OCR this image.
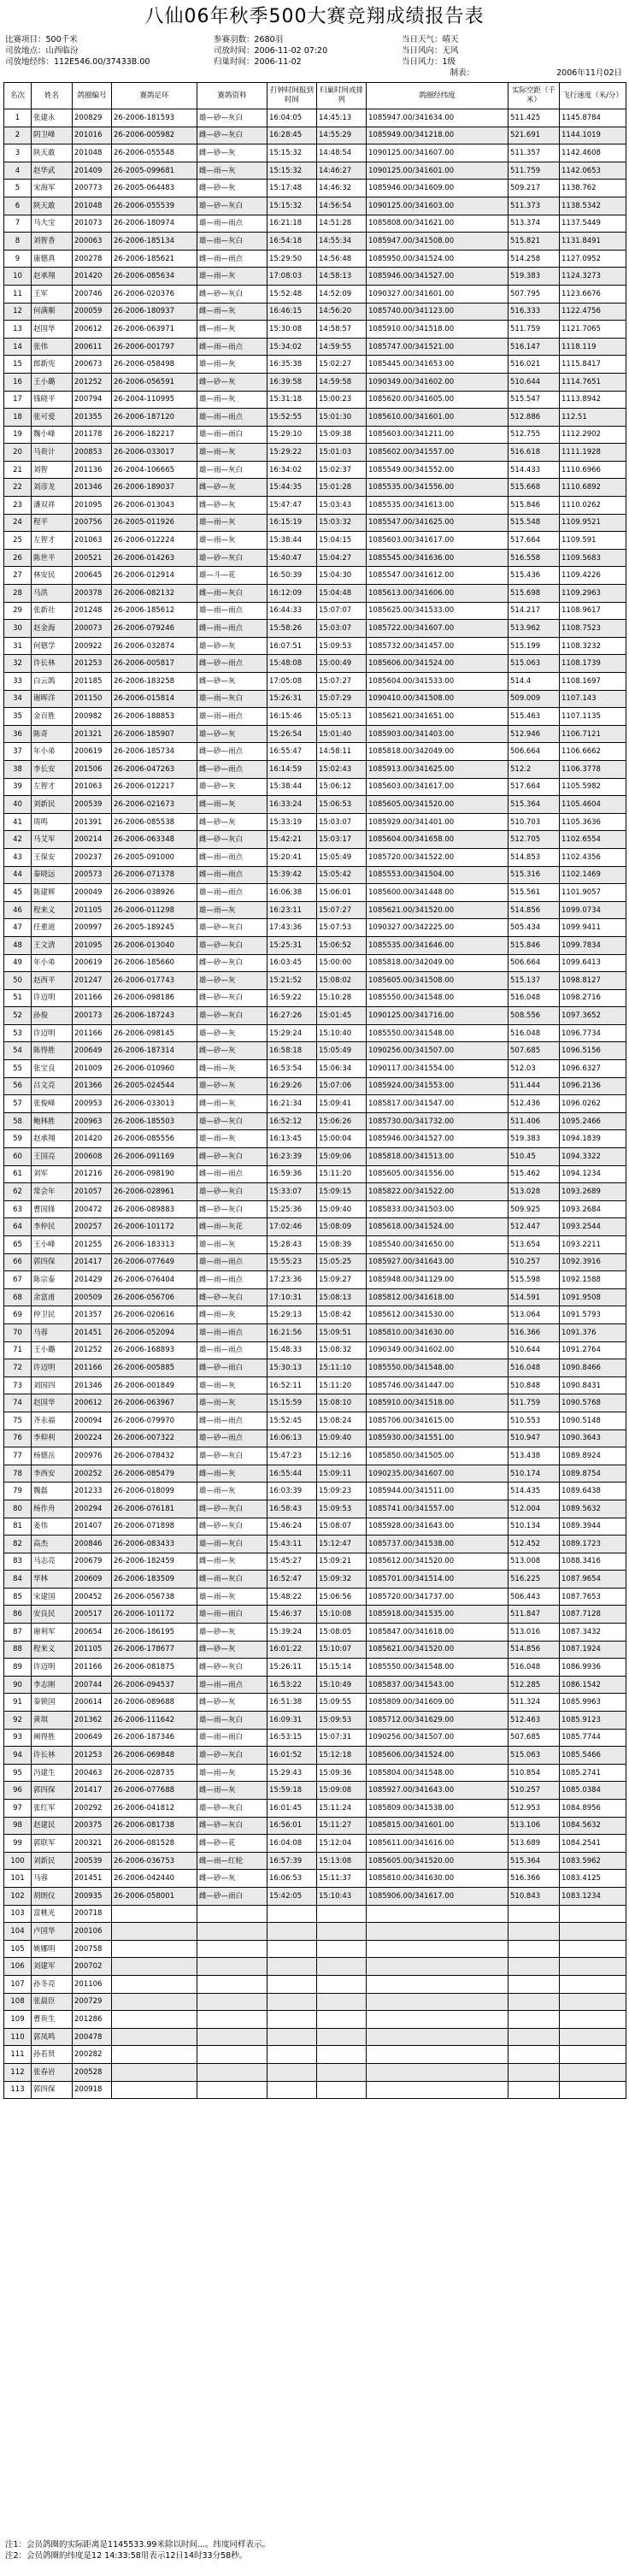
八仙06年秋季500大赛竞翔成绩报告表
比赛项目：500千米
司放地点：山西临汾
司放地经纬：112E546.00/37433B.00
参赛羽数：2680羽
司放时间：2006-11-02 07:20
归巢时间：2006-11-02
当日天气：晴天
当日风向：无风
当日风力：1级
制表：	2006年11月02日
名次	姓名	鸽圈编号	赛鸽足环	赛鸽资料	打钟时间报到时间	归巢时间或排列	鸽圈经纬度	实际空距（千米）	飞行速度（米/分）
1	张建永	200829	26-2006-181593	雄—砂—灰白	16:04:05	14:45:13	1085947.00/341634.00	511.425	1145.8784
2	阴卫峰	201016	26-2006-005982	雌—砂—灰白	16:28:45	14:55:29	1085949.00/341218.00	521.691	1144.1019
3	陕天敢	201048	26-2006-055548	雌—砂—灰	15:15:32	14:48:54	1090125.00/341607.00	511.357	1142.4608
4	赵华武	201409	26-2005-099681	雌—雨—灰	15:15:32	14:46:27	1090125.00/341601.00	511.759	1142.0653
5	宋海军	200773	26-2005-064483	雌—砂—灰	15:17:48	14:46:32	1085946.00/341609.00	509.217	1138.762
6	陕天敢	201048	26-2006-055539	雄—砂—灰白	15:15:32	14:56:54	1090125.00/341603.00	511.373	1138.5342
7	马大宝	201073	26-2006-180974	雄—雨—雨点	16:21:18	14:51:28	1085808.00/341621.00	513.374	1137.5449
8	刘智香	200063	26-2006-185134	雄—雨—灰白	16:54:18	14:55:34	1085947.00/341508.00	515.821	1131.8491
9	康德真	200278	26-2006-185621	雌—雨—雨点	15:29:50	14:56:48	1085950.00/341524.00	514.258	1127.0952
10	赵承翔	201420	26-2006-085634	雄—雨—灰	17:08:03	14:58:13	1085946.00/341527.00	519.383	1124.3273
11	王军	200746	26-2006-020376	雌—砂—灰白	15:52:48	14:52:09	1090327.00/341601.00	507.795	1123.6676
12	何满顺	200059	26-2006-180937	雌—雨—灰	16:46:15	14:56:20	1085740.00/341123.00	516.333	1122.4756
13	赵国华	200612	26-2006-063971	雌—雨—灰	15:30:08	14:58:57	1085910.00/341518.00	511.759	1121.7065
14	张伟	200611	26-2006-001797	雌—雨—雨点	15:34:02	14:59:55	1085747.00/341521.00	516.147	1118.119
15	郎新宪	200673	26-2006-058498	雄—雨—灰	16:35:38	15:02:27	1085445.00/341653.00	516.021	1115.8417
16	王小璐	201252	26-2006-056591	雌—砂—灰	16:39:58	14:59:58	1090349.00/341602.00	510.644	1114.7651
17	钱晓平	200794	26-2004-110995	雄—雨—灰	15:31:18	15:00:23	1085620.00/341605.00	515.547	1113.8942
18	张可爱	201355	26-2006-187120	雄—雨—雨点	15:52:55	15:01:30	1085610.00/341601.00	512.886	112.51
19	魏小峰	201178	26-2006-182217	雄—雨—雨白	15:29:10	15:09:38	1085603.00/341211.00	512.755	1112.2902
20	马贵计	200853	26-2006-033017	雄—雨—灰	15:29:22	15:01:03	1085602.00/341557.00	516.618	1111.1928
21	刘智	201136	26-2004-106665	雄—雨—灰白	16:34:02	15:02:37	1085549.00/341552.00	514.433	1110.6966
22	刘彦龙	201346	26-2006-189037	雌—砂—灰	15:44:35	15:01:28	1085535.00/341556.00	515.668	1110.6892
23	潘双祥	201095	26-2006-013043	雌—砂—灰	15:47:47	15:03:43	1085535.00/341613.00	515.846	1110.0262
24	程平	200756	26-2005-011926	雄—雨—灰	16:15:19	15:03:32	1085547.00/341625.00	515.548	1109.9521
25	左智才	201063	26-2006-012224	雄—雨—灰	15:38:44	15:04:15	1085603.00/341617.00	517.664	1109.591
26	陈世平	200521	26-2006-014263	雄—砂—灰白	15:40:47	15:04:27	1085545.00/341636.00	516.558	1109.5683
27	林安民	200645	26-2006-012914	雄—斗—花	16:50:39	15:04:30	1085547.00/341612.00	515.436	1109.4226
28	马洪	200378	26-2006-082132	雌—雨—灰白	16:12:09	15:04:48	1085613.00/341606.00	515.698	1109.2963
29	张新社	201248	26-2006-185612	雄—雨—雨点	16:44:33	15:07:07	1085625.00/341533.00	514.217	1108.9617
30	赵金海	200073	26-2006-079246	雌—雨—雨点	15:58:26	15:03:07	1085722.00/341607.00	513.962	1108.7523
31	何德学	200922	26-2006-032874	雄—砂—灰	16:07:51	15:09:53	1085732.00/341457.00	515.199	1108.3232
32	许长林	201253	26-2006-005817	雌—砂—雨点	15:48:08	15:00:49	1085606.00/341524.00	515.063	1108.1739
33	白云鸽	201185	26-2006-183258	雌—砂—灰	17:05:08	15:07:27	1085604.00/341533.00	514.4	1108.1697
34	谢晖洋	201150	26-2006-015814	雄—雨—灰白	15:26:31	15:07:29	1090410.00/341508.00	509.009	1107.143
35	金百胜	200982	26-2006-188853	雄—雨—雨点	16:15:46	15:05:13	1085621.00/341651.00	515.463	1107.1135
36	陈奇	201321	26-2006-185907	雄—砂—灰	15:26:54	15:01:40	1085903.00/341403.00	512.946	1106.7121
37	年小弟	200619	26-2006-185734	雌—砂—雨点	16:55:47	14:58:11	1085818.00/342049.00	506.664	1106.6662
38	李长安	201506	26-2006-047263	雌—砂—雨点	16:14:59	15:02:43	1085913.00/341625.00	512.2	1106.3778
39	左智才	201063	26-2006-012217	雄—砂—灰	15:38:44	15:06:12	1085603.00/341617.00	517.664	1105.5982
40	刘新民	200539	26-2006-021673	雌—雨—灰	16:33:24	15:06:53	1085605.00/341520.00	515.364	1105.4604
41	周鸣	201391	26-2006-085538	雌—砂—灰	15:33:19	15:03:07	1085929.00/341401.00	510.703	1105.3636
42	马艾军	200214	26-2006-063348	雌—砂—灰白	15:42:21	15:03:17	1085604.00/341658.00	512.705	1102.6554
43	王保安	200237	26-2005-091000	雌—雨—雨点	15:20:41	15:05:49	1085720.00/341522.00	514.853	1102.4356
44	秦晓远	200573	26-2006-071378	雌—雨—雨点	15:39:42	15:05:42	1085553.00/341504.00	515.316	1102.1469
45	陈建辉	200049	26-2006-038926	雄—雨—雨点	16:06:38	15:06:01	1085600.00/341448.00	515.561	1101.9057
46	程来义	201105	26-2006-011298	雄—雨—灰	16:23:11	15:07:27	1085621.00/341520.00	514.856	1099.0734
47	任重道	200997	26-2005-189245	雄—砂—灰白	17:43:36	15:07:53	1090327.00/342225.00	505.434	1099.9411
48	王文清	201095	26-2006-013040	雄—砂—灰白	15:25:31	15:06:52	1085535.00/341646.00	515.846	1099.7834
49	年小弟	200619	26-2006-185660	雌—砂—灰白	16:03:45	15:00:00	1085818.00/342049.00	506.664	1099.6413
50	赵西平	201247	26-2006-017743	雄—砂—灰	15:21:52	15:08:02	1085605.00/341508.00	515.137	1098.8127
51	许迈明	201166	26-2006-098186	雌—砂—灰白	16:59:22	15:10:28	1085550.00/341548.00	516.048	1098.2716
52	孙俊	200173	26-2006-187243	雄—砂—灰白	16:27:26	15:01:45	1090125.00/341716.00	508.556	1097.3652
53	许迈明	201166	26-2006-098145	雄—砂—灰	15:29:24	15:10:40	1085550.00/341548.00	516.048	1096.7734
54	陈得胜	200649	26-2006-187314	雌—砂—灰	16:58:18	15:05:49	1090256.00/341507.00	507.685	1096.5156
55	张宝良	201009	26-2006-010960	雌—雨—灰	16:53:54	15:06:34	1090117.00/341554.00	512.03	1096.6327
56	吕文亮	201366	26-2005-024544	雄—砂—灰	16:29:26	15:07:06	1085924.00/341553.00	511.444	1096.2136
57	张俊峰	200953	26-2006-033013	雌—雨—灰	16:21:34	15:09:41	1085817.00/341547.00	512.436	1096.0262
58	鲍林胜	200963	26-2006-185503	雄—砂—灰白	16:52:12	15:06:26	1085730.00/341732.00	511.406	1095.2466
59	赵承翔	201420	26-2006-085556	雄—雨—灰	16:13:45	15:00:04	1085946.00/341527.00	519.383	1094.1839
60	王国亮	200608	26-2006-091169	雌—砂—灰白	16:23:39	15:09:06	1085818.00/341513.00	510.45	1094.3322
61	刘军	201216	26-2006-098190	雌—雨—雨点	16:59:36	15:11:20	1085605.00/341556.00	515.462	1094.1234
62	常会年	201057	26-2006-028961	雄—砂—灰白	15:33:07	15:09:15	1085822.00/341522.00	513.028	1093.2689
63	曹国锋	200472	26-2006-089883	雌—砂—灰白	15:25:36	15:09:40	1085833.00/341503.00	509.925	1093.2684
64	李仲民	200257	26-2006-101172	雌—雨—灰花	17:02:46	15:08:09	1085618.00/341524.00	512.447	1093.2544
65	王小峰	201255	26-2006-183313	雄—雨—灰	15:28:43	15:08:39	1085540.00/341650.00	513.654	1093.2211
66	郭四保	201417	26-2006-077649	雄—雨—雨点	15:55:23	15:05:25	1085927.00/341643.00	510.257	1092.3916
67	陈宗泰	201429	26-2006-076404	雌—雨—雨点	17:23:36	15:09:27	1085948.00/341129.00	515.598	1092.1588
68	余富甫	200509	26-2006-056706	雌—砂—灰白	17:10:31	15:08:13	1085812.00/341618.00	514.591	1091.9508
69	仲卫民	201357	26-2006-020616	雌—雨—灰	15:29:13	15:08:42	1085612.00/341530.00	513.064	1091.5793
70	马蓉	201451	26-2006-052094	雄—雨—雨点	16:21:56	15:09:51	1085810.00/341630.00	516.366	1091.376
71	王小璐	201252	26-2006-168893	雄—雨—雨点	15:48:33	15:08:32	1090349.00/341602.00	510.644	1091.2764
72	许迈明	201166	26-2006-005885	雌—砂—雨白	15:30:13	15:11:10	1085550.00/341548.00	516.048	1090.8466
73	刘国四	201346	26-2006-001849	雄—雨—灰	16:52:11	15:11:20	1085746.00/341447.00	510.848	1090.8431
74	赵国华	200612	26-2006-063967	雄—雨—灰	15:15:59	15:08:10	1085910.00/341518.00	511.759	1090.5768
75	齐永福	200094	26-2006-079970	雌—雨—雨点	15:52:45	15:08:24	1085706.00/341615.00	510.553	1090.5148
76	李仰利	200224	26-2006-007322	雄—砂—雨点	16:06:13	15:09:40	1085930.00/341551.00	510.947	1090.3643
77	杨德岳	200976	26-2006-078432	雄—砂—灰白	15:47:23	15:12:16	1085850.00/341505.00	513.438	1089.8924
78	李西安	200252	26-2006-085479	雌—雨—灰	16:55:44	15:09:11	1090235.00/341607.00	510.174	1089.8754
79	魏磊	201233	26-2006-018099	雄—雨—灰	16:03:39	15:09:23	1085944.00/341511.00	514.435	1089.6438
80	杨作舟	200294	26-2006-076181	雌—砂—灰白	16:58:43	15:09:53	1085741.00/341557.00	512.004	1089.5632
81	姜伟	201407	26-2006-071898	雌—砂—灰白	15:46:24	15:08:07	1085928.00/341643.00	510.134	1089.3944
82	高杰	200846	26-2006-083433	雄—雨—灰白	15:43:11	15:12:47	1085737.00/341538.00	512.452	1089.1723
83	马志亮	200679	26-2006-182459	雌—雨—灰	15:45:27	15:09:21	1085612.00/341520.00	513.008	1088.3416
84	华林	200609	26-2006-183509	雌—雨—灰白	16:52:47	15:09:32	1085701.00/341514.00	516.225	1087.9654
85	宋建国	200452	26-2006-056738	雄—雨—灰	15:48:22	15:06:56	1085720.00/341737.00	506.443	1087.7653
86	安良民	200517	26-2006-101172	雄—雨—雨白	15:46:37	15:10:08	1085918.00/341535.00	511.847	1087.7128
87	谢利军	200654	26-2006-186195	雄—砂—灰	15:39:24	15:08:05	1085847.00/341618.00	513.016	1087.3432
88	程来义	201105	26-2006-178677	雌—砂—灰	16:01:22	15:10:07	1085621.00/341520.00	514.856	1087.1924
89	许迈明	201166	26-2006-081875	雌—砂—灰白	15:26:11	15:15:14	1085550.00/341548.00	516.048	1086.9936
90	李志刚	200744	26-2006-094537	雄—雨—雨点	16:53:22	15:10:49	1085837.00/341543.00	512.285	1086.1542
91	秦锁国	200614	26-2006-089688	雌—砂—灰	16:51:38	15:09:55	1085809.00/341609.00	511.324	1085.9963
92	黄琪	201362	26-2006-111642	雄—雨—灰白	16:09:31	15:09:53	1085712.00/341629.00	512.463	1085.9123
93	阐得胜	200649	26-2006-187346	雄—雨—雨白	16:53:15	15:07:31	1090256.00/341507.00	507.685	1085.7744
94	许长林	201253	26-2006-069848	雄—砂—灰白	16:01:52	15:12:18	1085606.00/341524.00	515.063	1085.5466
95	冯建生	200463	26-2006-028735	雄—雨—灰	15:29:43	15:09:36	1085804.00/341548.00	510.854	1085.2741
96	郭四保	201417	26-2006-077688	雌—雨—灰	15:59:18	15:09:08	1085927.00/341643.00	510.257	1085.0384
97	张红军	200292	26-2006-041812	雄—砂—灰白	16:01:45	15:11:24	1085809.00/341538.00	512.953	1084.8956
98	赵建民	200375	26-2006-081738	雌—砂—灰白	16:56:01	15:11:27	1085815.00/341601.00	513.106	1084.5632
99	郭联军	200321	26-2006-081528	雌—砂—花	16:04:08	15:12:04	1085611.00/341616.00	513.689	1084.2541
100	刘新民	200539	26-2006-036753	雌—雨—红轮	16:57:39	15:13:08	1085605.00/341520.00	515.364	1083.5962
101	马蓉	201451	26-2006-042440	雌—砂—灰	16:06:53	15:11:37	1085810.00/341630.00	516.366	1083.4125
102	胡朗仪	200935	26-2006-058001	雌—砂—雨白	15:42:05	15:10:43	1085906.00/341617.00	510.843	1083.1234
103	富桃光	200718							
104	卢国华	200106							
105	姚娜明	200758							
106	刘建军	200702							
107	孙冬亮	201106							
108	张晨臣	200729							
109	曹贵生	201286							
110	郭凤鸣	200478							
111	孙若贤	200282							
112	张春岩	200528							
113	郭四保	200918							
注1：会员鸽圈的实际距离是1145533.99米除以时间...。纬度同样表示。
注2：会员鸽圈的纬度是12 14:33:58用表示12日14时33分58秒。
